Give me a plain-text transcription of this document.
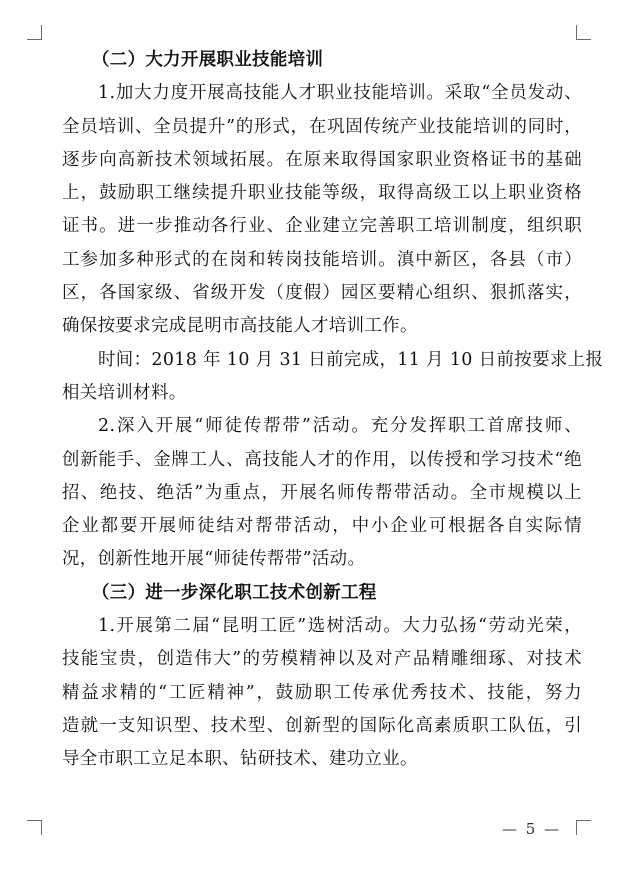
（二）大力开展职业技能培训
1.加大力度开展高技能人才职业技能培训。采取“全员发动、
全员培训、全员提升”的形式，在巩固传统产业技能培训的同时，
逐步向高新技术领域拓展。在原来取得国家职业资格证书的基础
上，鼓励职工继续提升职业技能等级，取得高级工以上职业资格
证书。进一步推动各行业、企业建立完善职工培训制度，组织职
工参加多种形式的在岗和转岗技能培训。滇中新区，各县（市）
区，各国家级、省级开发（度假）园区要精心组织、狠抓落实，
确保按要求完成昆明市高技能人才培训工作。
时间：2018 年 10 月 31 日前完成，11 月 10 日前按要求上报
相关培训材料。
2.深入开展“师徒传帮带”活动。充分发挥职工首席技师、
创新能手、金牌工人、高技能人才的作用，以传授和学习技术“绝
招、绝技、绝活”为重点，开展名师传帮带活动。全市规模以上
企业都要开展师徒结对帮带活动，中小企业可根据各自实际情
况，创新性地开展“师徒传帮带”活动。
（三）进一步深化职工技术创新工程
1.开展第二届“昆明工匠”选树活动。大力弘扬“劳动光荣，
技能宝贵，创造伟大”的劳模精神以及对产品精雕细琢、对技术
精益求精的“工匠精神”，鼓励职工传承优秀技术、技能，努力
造就一支知识型、技术型、创新型的国际化高素质职工队伍，引
导全市职工立足本职、钻研技术、建功立业。
— 5 —
